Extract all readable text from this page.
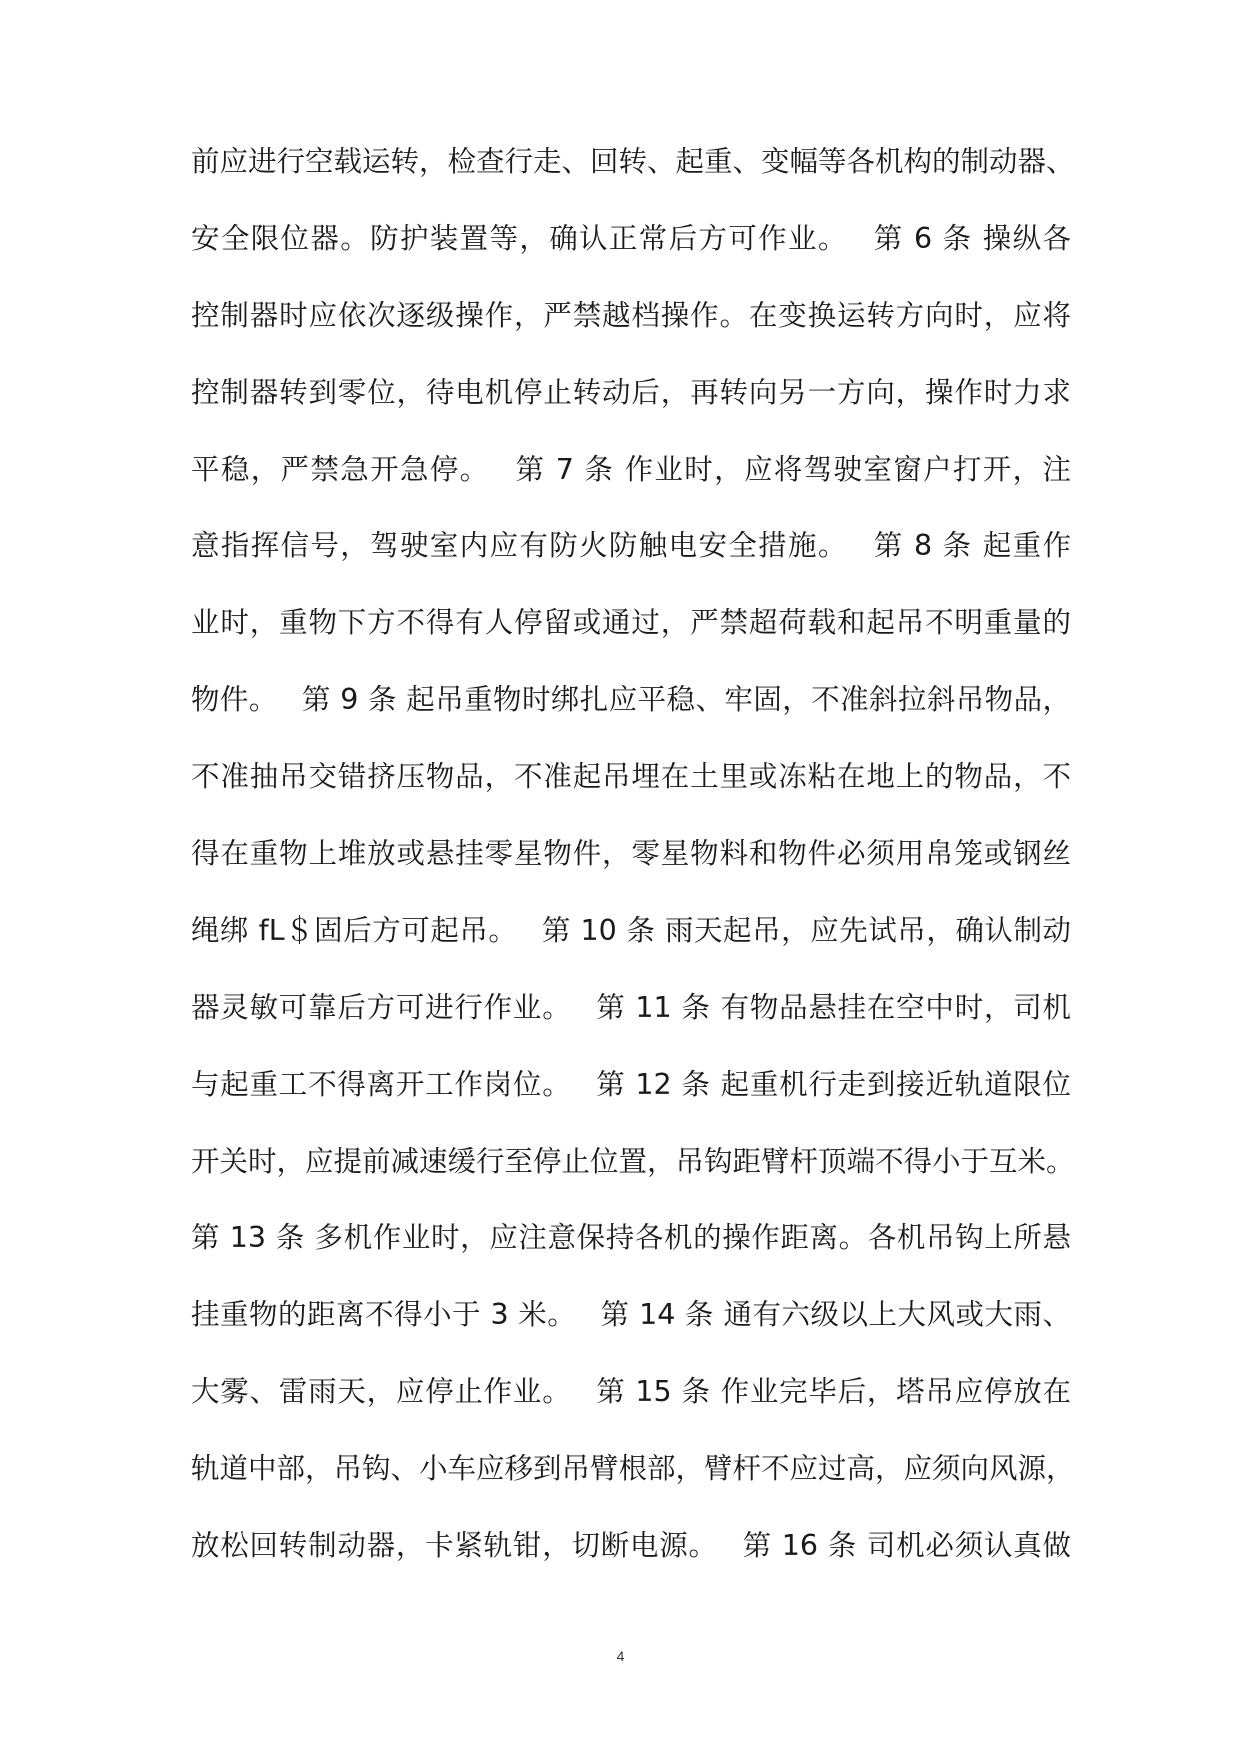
前应进行空载运转，检查行走、回转、起重、变幅等各机构的制动器、
安全限位器。防护装置等，确认正常后方可作业。　 第 6 条 操纵各
控制器时应依次逐级操作，严禁越档操作。在变换运转方向时，应将
控制器转到零位，待电机停止转动后，再转向另一方向，操作时力求
平稳，严禁急开急停。　 第 7 条 作业时，应将驾驶室窗户打开，注
意指挥信号，驾驶室内应有防火防触电安全措施。　 第 8 条 起重作
业时，重物下方不得有人停留或通过，严禁超荷载和起吊不明重量的
物件。　 第 9 条 起吊重物时绑扎应平稳、牢固，不准斜拉斜吊物品，
不准抽吊交错挤压物品，不准起吊埋在土里或冻粘在地上的物品，不
得在重物上堆放或悬挂零星物件，零星物料和物件必须用帛笼或钢丝
绳绑 fL＄固后方可起吊。　 第 10 条 雨天起吊，应先试吊，确认制动
器灵敏可靠后方可进行作业。　 第 11 条 有物品悬挂在空中时，司机
与起重工不得离开工作岗位。　 第 12 条 起重机行走到接近轨道限位
开关时，应提前减速缓行至停止位置，吊钩距臂杆顶端不得小于互米。
第 13 条 多机作业时，应注意保持各机的操作距离。各机吊钩上所悬
挂重物的距离不得小于 3 米。　 第 14 条 通有六级以上大风或大雨、
大雾、雷雨天，应停止作业。　 第 15 条 作业完毕后，塔吊应停放在
轨道中部，吊钩、小车应移到吊臂根部，臂杆不应过高，应须向风源，
放松回转制动器，卡紧轨钳，切断电源。　 第 16 条 司机必须认真做
4
